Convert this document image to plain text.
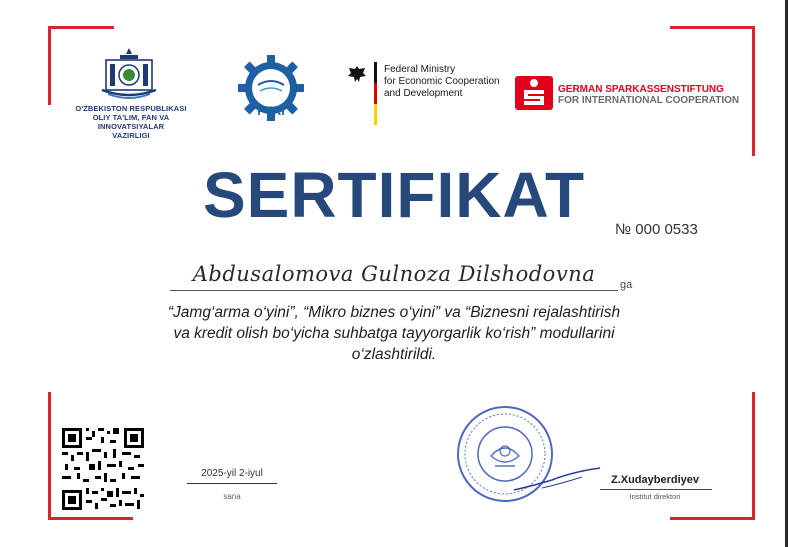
O'ZBEKISTON RESPUBLIKASI
OLIY TA'LIM, FAN VA INNOVATSIYALAR
VAZIRLIGI
PTRI
Federal Ministry
for Economic Cooperation
and Development	GERMAN SPARKASSENSTIFTUNG
FOR INTERNATIONAL COOPERATION
SERTIFIKAT	№ 000 0533
Abdusalomova Gulnoza Dilshodovna	ga
“Jamg‘arma o‘yini”, “Mikro biznes o‘yini” va “Biznesni rejalashtirish
va kredit olish bo‘yicha suhbatga tayyorgarlik ko‘rish” modullarini
o‘zlashtirildi.
2025-yil 2-iyul
sana
Z.Xudayberdiyev
Institut direktori
